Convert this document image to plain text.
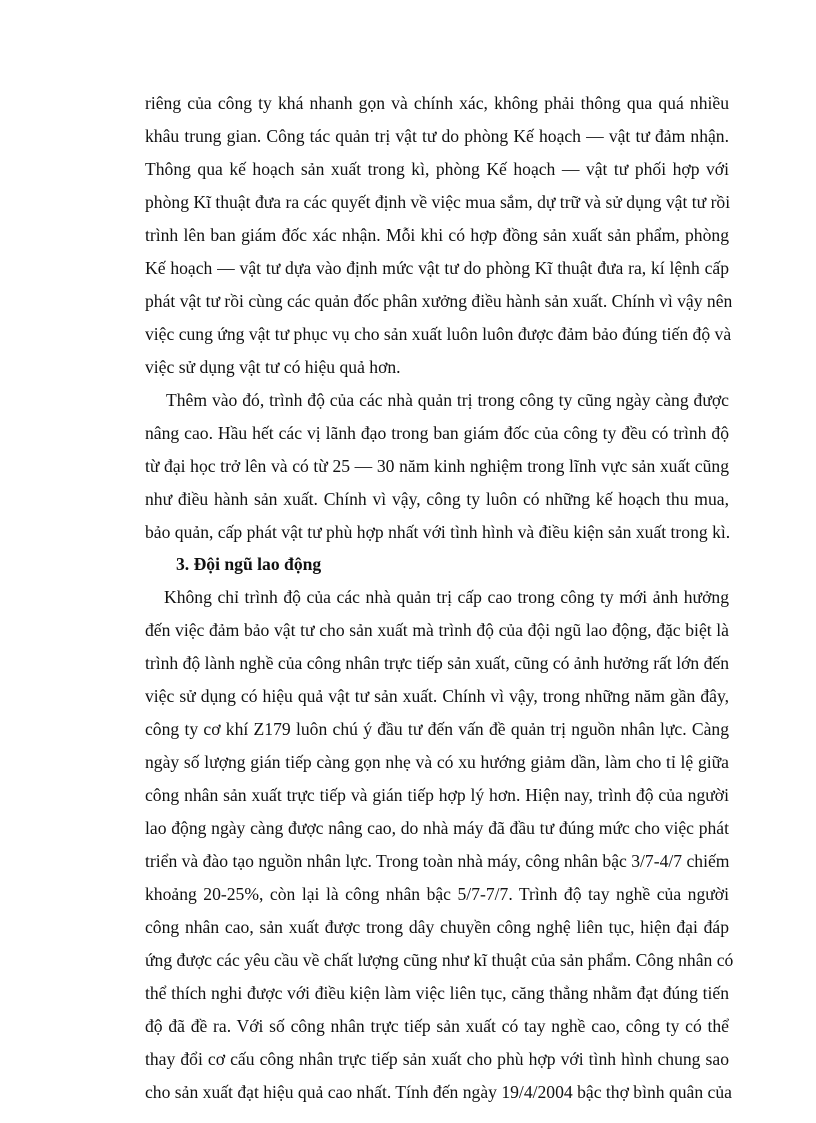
riêng của công ty khá nhanh gọn và chính xác, không phải thông qua quá nhiều
khâu trung gian. Công tác quản trị vật tư do phòng Kế hoạch — vật tư đảm nhận.
Thông qua kế hoạch sản xuất trong kì, phòng Kế hoạch — vật tư phối hợp với
phòng Kĩ thuật đưa ra các quyết định về việc mua sắm, dự trữ và sử dụng vật tư rồi
trình lên ban giám đốc xác nhận. Mỗi khi có hợp đồng sản xuất sản phẩm, phòng
Kế hoạch — vật tư dựa vào định mức vật tư do phòng Kĩ thuật đưa ra, kí lệnh cấp
phát vật tư rồi cùng các quản đốc phân xưởng điều hành sản xuất. Chính vì vậy nên
việc cung ứng vật tư phục vụ cho sản xuất luôn luôn được đảm bảo đúng tiến độ và
việc sử dụng vật tư có hiệu quả hơn.
Thêm vào đó, trình độ của các nhà quản trị trong công ty cũng ngày càng được
nâng cao. Hầu hết các vị lãnh đạo trong ban giám đốc của công ty đều có trình độ
từ đại học trở lên và có từ 25 — 30 năm kinh nghiệm trong lĩnh vực sản xuất cũng
như điều hành sản xuất. Chính vì vậy, công ty luôn có những kế hoạch thu mua,
bảo quản, cấp phát vật tư phù hợp nhất với tình hình và điều kiện sản xuất trong kì.
3. Đội ngũ lao động
Không chỉ trình độ của các nhà quản trị cấp cao trong công ty mới ảnh hưởng
đến việc đảm bảo vật tư cho sản xuất mà trình độ của đội ngũ lao động, đặc biệt là
trình độ lành nghề của công nhân trực tiếp sản xuất, cũng có ảnh hưởng rất lớn đến
việc sử dụng có hiệu quả vật tư sản xuất. Chính vì vậy, trong những năm gần đây,
công ty cơ khí Z179 luôn chú ý đầu tư đến vấn đề quản trị nguồn nhân lực. Càng
ngày số lượng gián tiếp càng gọn nhẹ và có xu hướng giảm dần, làm cho tỉ lệ giữa
công nhân sản xuất trực tiếp và gián tiếp hợp lý hơn. Hiện nay, trình độ của người
lao động ngày càng được nâng cao, do nhà máy đã đầu tư đúng mức cho việc phát
triển và đào tạo nguồn nhân lực. Trong toàn nhà máy, công nhân bậc 3/7-4/7 chiếm
khoảng 20-25%, còn lại là công nhân bậc 5/7-7/7. Trình độ tay nghề của người
công nhân cao, sản xuất được trong dây chuyền công nghệ liên tục, hiện đại đáp
ứng được các yêu cầu về chất lượng cũng như kĩ thuật của sản phẩm. Công nhân có
thể thích nghi được với điều kiện làm việc liên tục, căng thẳng nhằm đạt đúng tiến
độ đã đề ra. Với số công nhân trực tiếp sản xuất có tay nghề cao, công ty có thể
thay đổi cơ cấu công nhân trực tiếp sản xuất cho phù hợp với tình hình chung sao
cho sản xuất đạt hiệu quả cao nhất. Tính đến ngày 19/4/2004 bậc thợ bình quân của
